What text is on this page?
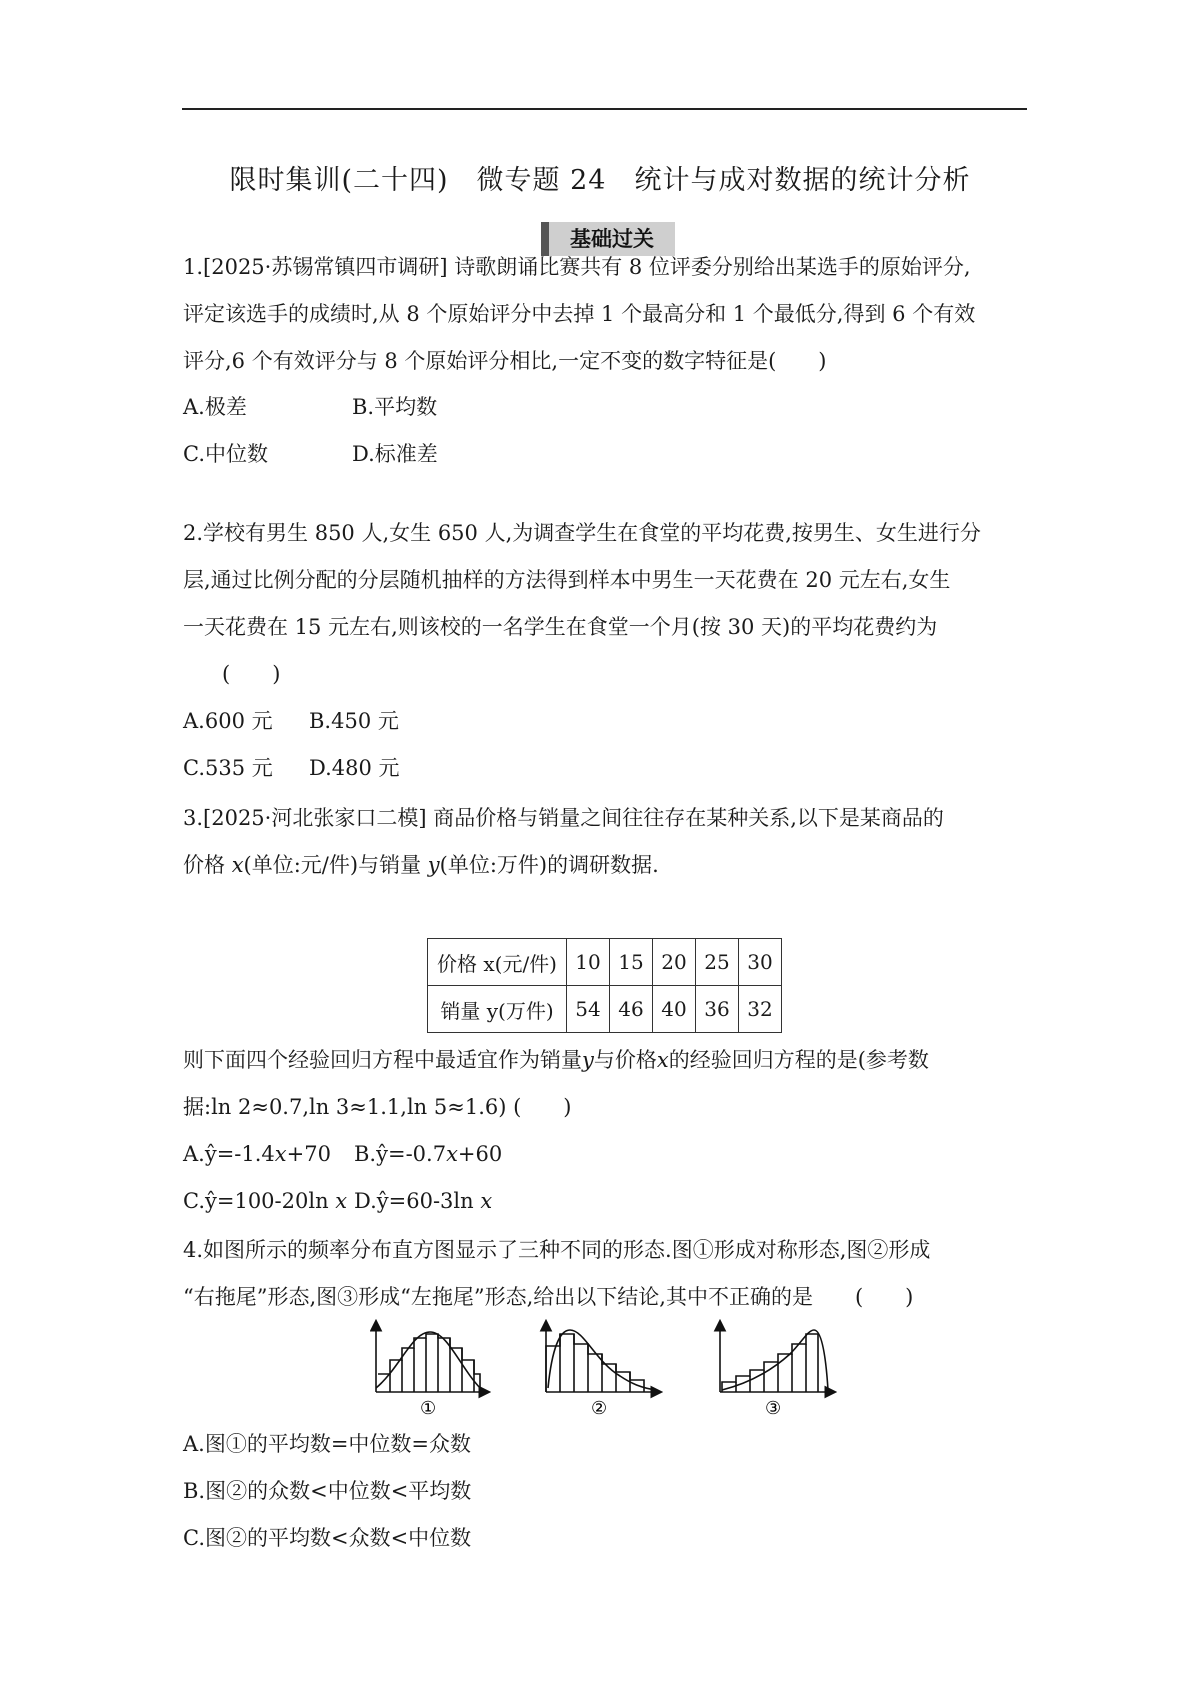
限时集训(二十四)　微专题 24　统计与成对数据的统计分析
基础过关
1.[2025·苏锡常镇四市调研] 诗歌朗诵比赛共有 8 位评委分别给出某选手的原始评分,
评定该选手的成绩时,从 8 个原始评分中去掉 1 个最高分和 1 个最低分,得到 6 个有效
评分,6 个有效评分与 8 个原始评分相比,一定不变的数字特征是(　　)
A.极差	B.平均数
C.中位数	D.标准差
2.学校有男生 850 人,女生 650 人,为调查学生在食堂的平均花费,按男生、女生进行分
层,通过比例分配的分层随机抽样的方法得到样本中男生一天花费在 20 元左右,女生
一天花费在 15 元左右,则该校的一名学生在食堂一个月(按 30 天)的平均花费约为
(　　)
A.600 元 B.450 元
C.535 元 D.480 元
3.[2025·河北张家口二模] 商品价格与销量之间往往存在某种关系,以下是某商品的
价格 x(单位:元/件)与销量 y(单位:万件)的调研数据.
价格 x(元/件)	10	15	20	25	30
销量 y(万件)	54	46	40	36	32
则下面四个经验回归方程中最适宜作为销量y与价格x的经验回归方程的是(参考数
据:ln 2≈0.7,ln 3≈1.1,ln 5≈1.6) (　　)
A.ŷ=-1.4x+70 B.ŷ=-0.7x+60
C.ŷ=100-20ln x D.ŷ=60-3ln x
4.如图所示的频率分布直方图显示了三种不同的形态.图①形成对称形态,图②形成
“右拖尾”形态,图③形成“左拖尾”形态,给出以下结论,其中不正确的是　　(　　)
①	②	③
A.图①的平均数=中位数=众数
B.图②的众数<中位数<平均数
C.图②的平均数<众数<中位数
